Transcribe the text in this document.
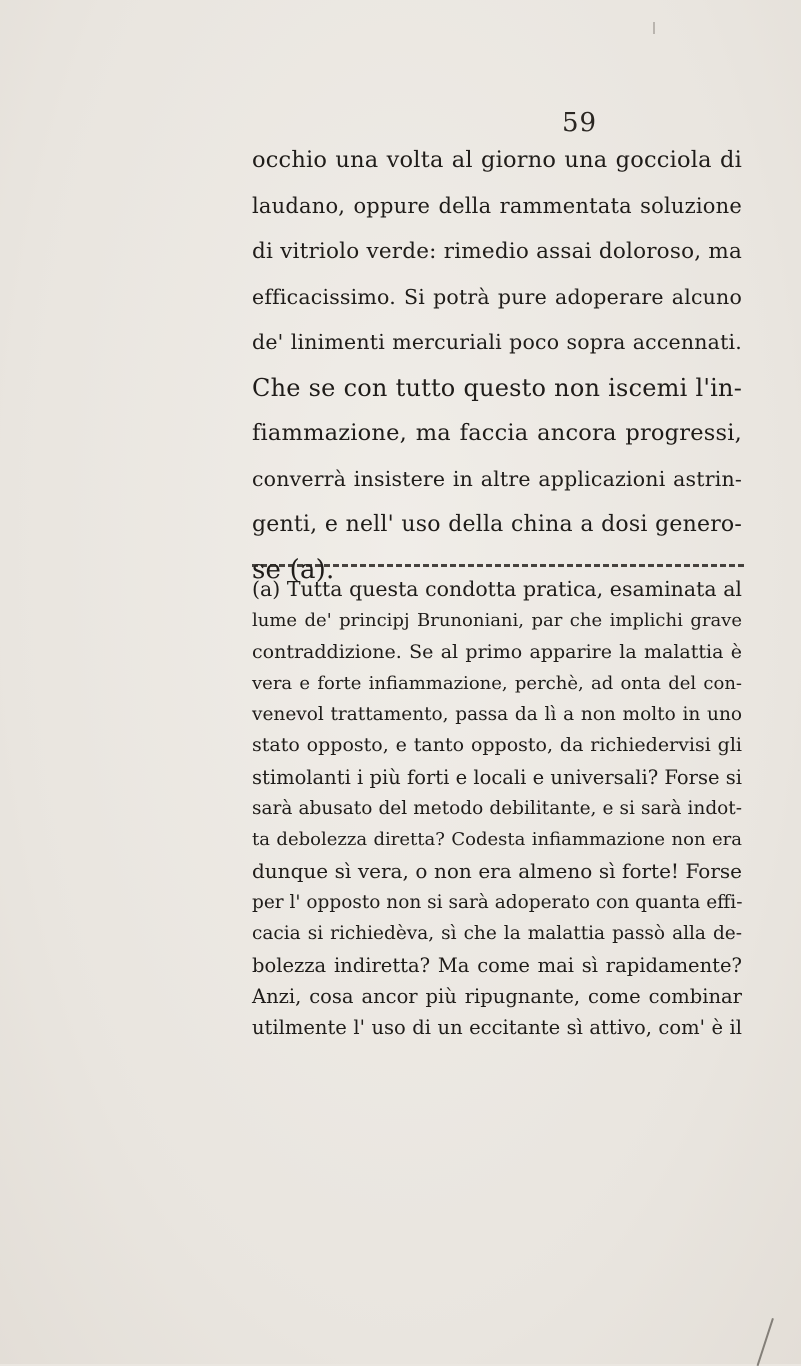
59
occhio una volta al giorno una gocciola di
laudano, oppure della rammentata soluzione
di vitriolo verde: rimedio assai doloroso, ma
efficacissimo. Si potrà pure adoperare alcuno
de' linimenti mercuriali poco sopra accennati.
Che se con tutto questo non iscemi l'in-
fiammazione, ma faccia ancora progressi,
converrà insistere in altre applicazioni astrin-
genti, e nell' uso della china a dosi genero-
se (a).
(a) Tutta questa condotta pratica, esaminata al
lume de' principj Brunoniani, par che implichi grave
contraddizione. Se al primo apparire la malattia è
vera e forte infiammazione, perchè, ad onta del con-
venevol trattamento, passa da lì a non molto in uno
stato opposto, e tanto opposto, da richiedervisi gli
stimolanti i più forti e locali e universali? Forse si
sarà abusato del metodo debilitante, e si sarà indot-
ta debolezza diretta? Codesta infiammazione non era
dunque sì vera, o non era almeno sì forte! Forse
per l' opposto non si sarà adoperato con quanta effi-
cacia si richiedèva, sì che la malattia passò alla de-
bolezza indiretta? Ma come mai sì rapidamente?
Anzi, cosa ancor più ripugnante, come combinar
utilmente l' uso di un eccitante sì attivo, com' è il
